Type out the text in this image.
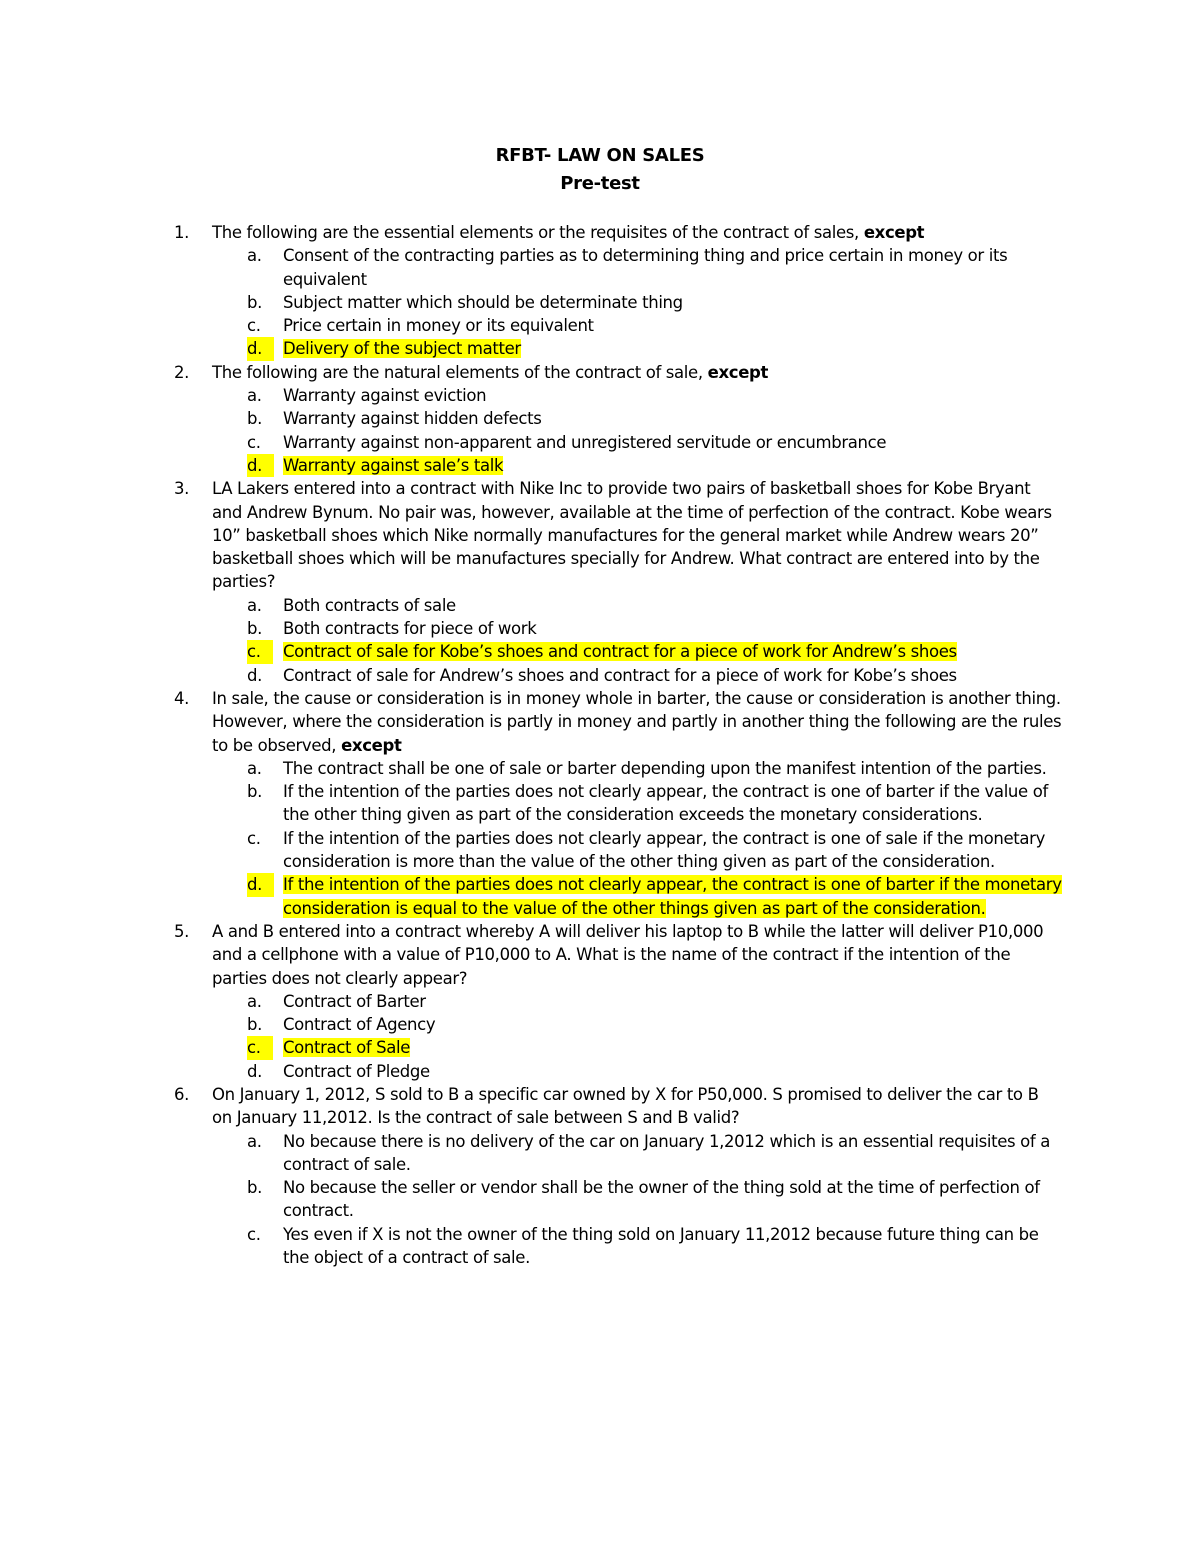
RFBT- LAW ON SALES
Pre-test
1. The following are the essential elements or the requisites of the contract of sales, except
a. Consent of the contracting parties as to determining thing and price certain in money or its equivalent
b. Subject matter which should be determinate thing
c. Price certain in money or its equivalent
d.	Delivery of the subject matter
2. The following are the natural elements of the contract of sale, except
a. Warranty against eviction
b. Warranty against hidden defects
c. Warranty against non-apparent and unregistered servitude or encumbrance
d.	Warranty against sale’s talk
3. LA Lakers entered into a contract with Nike Inc to provide two pairs of basketball shoes for Kobe Bryant and Andrew Bynum. No pair was, however, available at the time of perfection of the contract. Kobe wears 10” basketball shoes which Nike normally manufactures for the general market while Andrew wears 20” basketball shoes which will be manufactures specially for Andrew. What contract are entered into by the parties?
a. Both contracts of sale
b. Both contracts for piece of work
c.	Contract of sale for Kobe’s shoes and contract for a piece of work for Andrew’s shoes
d. Contract of sale for Andrew’s shoes and contract for a piece of work for Kobe’s shoes
4. In sale, the cause or consideration is in money whole in barter, the cause or consideration is another thing. However, where the consideration is partly in money and partly in another thing the following are the rules to be observed, except
a. The contract shall be one of sale or barter depending upon the manifest intention of the parties.
b. If the intention of the parties does not clearly appear, the contract is one of barter if the value of the other thing given as part of the consideration exceeds the monetary considerations.
c. If the intention of the parties does not clearly appear, the contract is one of sale if the monetary consideration is more than the value of the other thing given as part of the consideration.
d.	If the intention of the parties does not clearly appear, the contract is one of barter if the monetary consideration is equal to the value of the other things given as part of the consideration.
5. A and B entered into a contract whereby A will deliver his laptop to B while the latter will deliver P10,000 and a cellphone with a value of P10,000 to A. What is the name of the contract if the intention of the parties does not clearly appear?
a. Contract of Barter
b. Contract of Agency
c.	Contract of Sale
d. Contract of Pledge
6. On January 1, 2012, S sold to B a specific car owned by X for P50,000. S promised to deliver the car to B on January 11,2012. Is the contract of sale between S and B valid?
a. No because there is no delivery of the car on January 1,2012 which is an essential requisites of a contract of sale.
b. No because the seller or vendor shall be the owner of the thing sold at the time of perfection of contract.
c. Yes even if X is not the owner of the thing sold on January 11,2012 because future thing can be the object of a contract of sale.
